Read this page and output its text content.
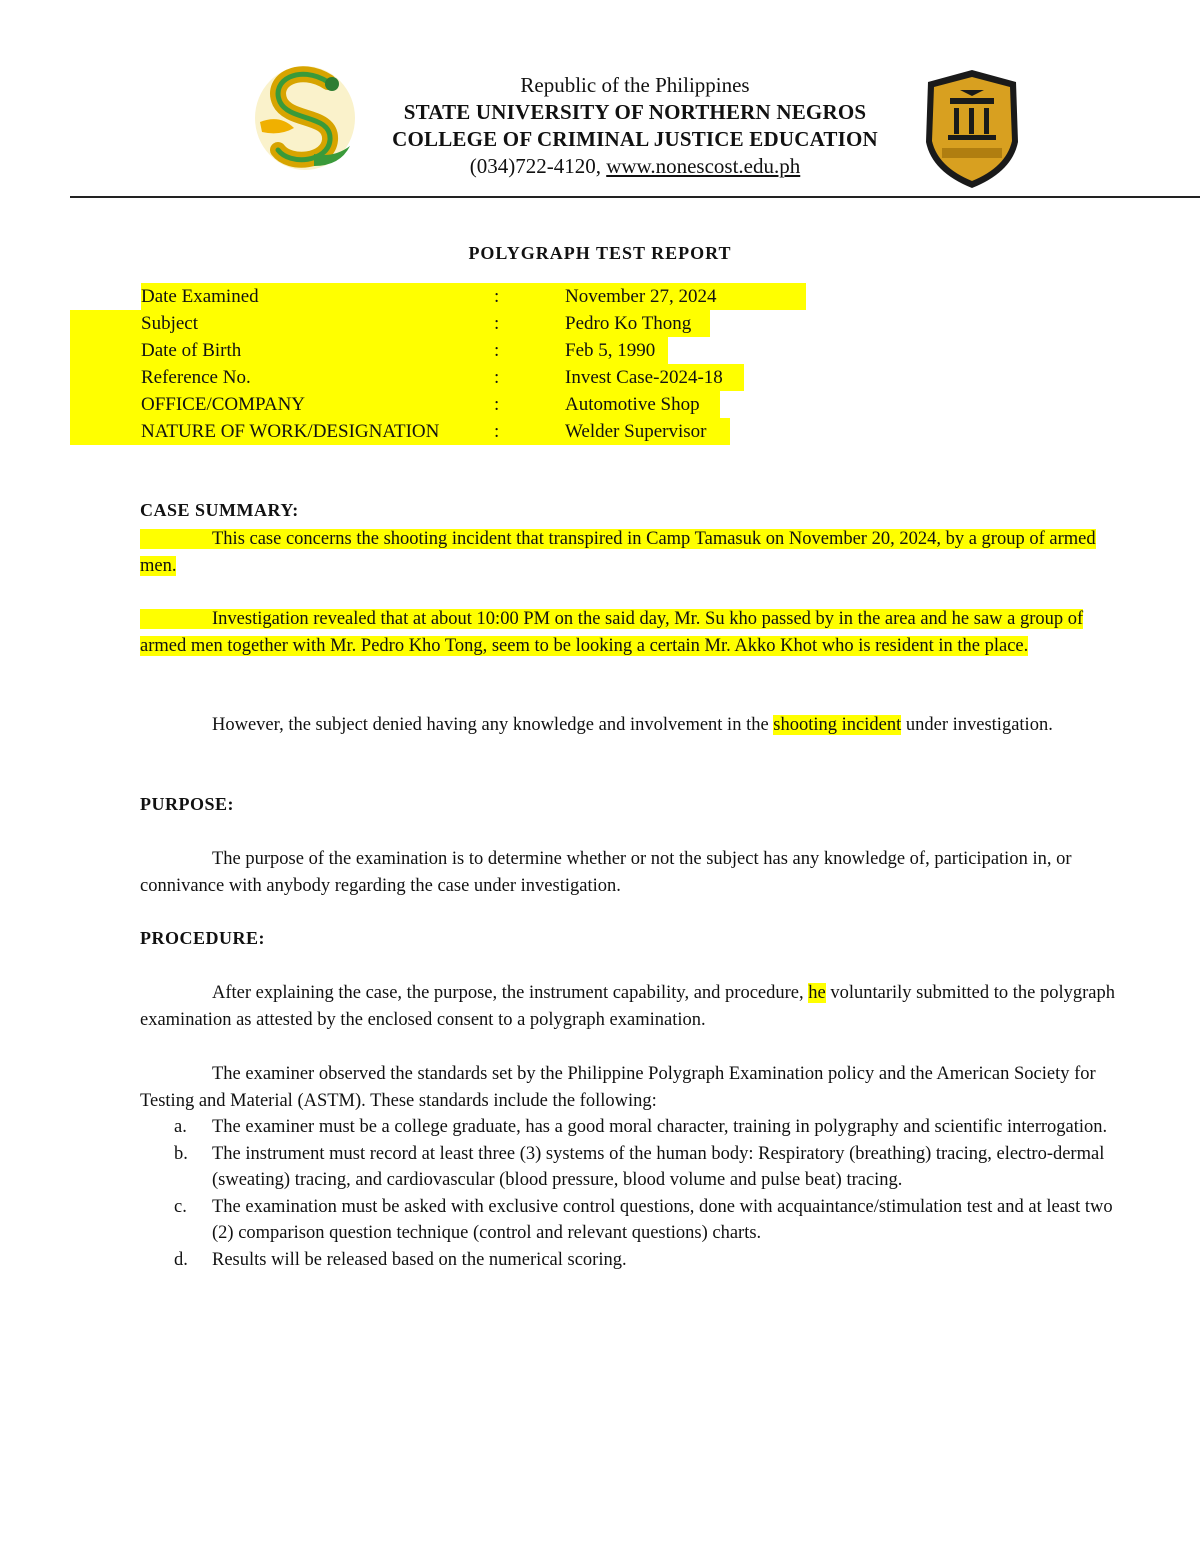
Republic of the Philippines
STATE UNIVERSITY OF NORTHERN NEGROS
COLLEGE OF CRIMINAL JUSTICE EDUCATION
(034)722-4120, www.nonescost.edu.ph
POLYGRAPH TEST REPORT
Date Examined	:	November 27, 2024
Subject	:	Pedro Ko Thong
Date of Birth	:	Feb 5, 1990
Reference No.	:	Invest Case-2024-18
OFFICE/COMPANY	:	Automotive Shop
NATURE OF WORK/DESIGNATION	:	Welder Supervisor
CASE SUMMARY:
This case concerns the shooting incident that transpired in Camp Tamasuk on November 20, 2024, by a group of armed men.
Investigation revealed that at about 10:00 PM on the said day, Mr. Su kho passed by in the area and he saw a group of armed men together with Mr. Pedro Kho Tong, seem to be looking a certain Mr. Akko Khot who is resident in the place.
However, the subject denied having any knowledge and involvement in the shooting incident under investigation.
PURPOSE:
The purpose of the examination is to determine whether or not the subject has any knowledge of, participation in, or connivance with anybody regarding the case under investigation.
PROCEDURE:
After explaining the case, the purpose, the instrument capability, and procedure, he voluntarily submitted to the polygraph examination as attested by the enclosed consent to a polygraph examination.
The examiner observed the standards set by the Philippine Polygraph Examination policy and the American Society for Testing and Material (ASTM). These standards include the following:
a. The examiner must be a college graduate, has a good moral character, training in polygraphy and scientific interrogation.
b. The instrument must record at least three (3) systems of the human body: Respiratory (breathing) tracing, electro-dermal (sweating) tracing, and cardiovascular (blood pressure, blood volume and pulse beat) tracing.
c. The examination must be asked with exclusive control questions, done with acquaintance/stimulation test and at least two (2) comparison question technique (control and relevant questions) charts.
d. Results will be released based on the numerical scoring.
